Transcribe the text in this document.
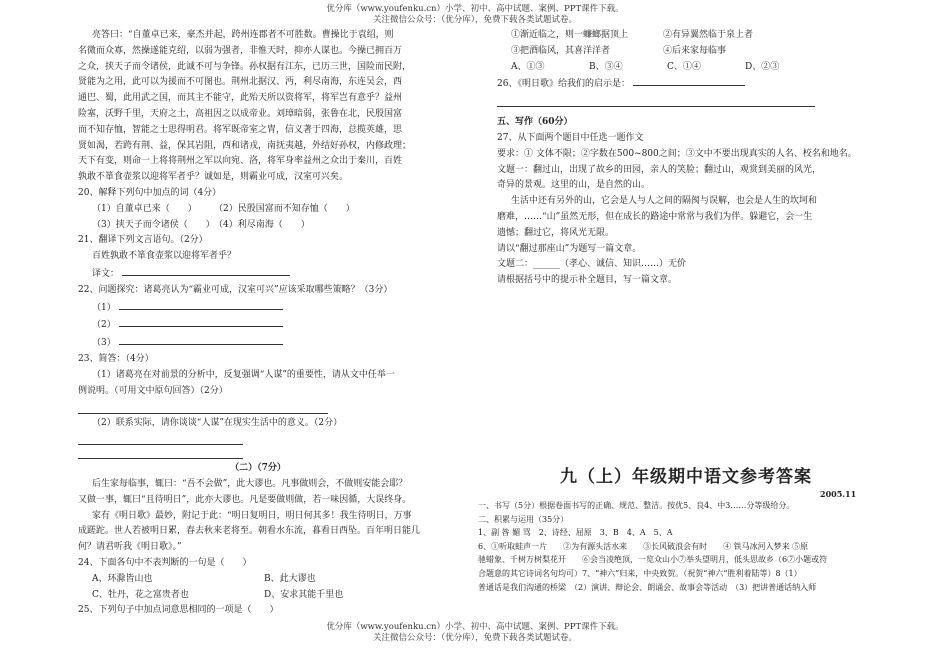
优分库（www.youfenku.cn）小学、初中、高中试题、案例、PPT课件下载。
关注微信公众号：（优分库），免费下载各类试题试卷。
亮答曰：“自董卓已来，豪杰并起，跨州连郡者不可胜数。曹操比于袁绍，则
名微而众寡，然操遂能克绍，以弱为强者，非惟天时，抑亦人谋也。今操已拥百万
之众，挟天子而令诸侯，此诚不可与争锋。孙权据有江东，已历三世，国险而民附，
贤能为之用，此可以为援而不可图也。荆州北据汉、沔，利尽南海，东连吴会，西
通巴、蜀，此用武之国，而其主不能守，此殆天所以资将军，将军岂有意乎？益州
险塞，沃野千里，天府之土，高祖因之以成帝业。刘璋暗弱，张鲁在北，民殷国富
而不知存恤，智能之士思得明君。将军既帝室之胄，信义著于四海，总揽英雄，思
贤如渴，若跨有荆、益，保其岩阻，西和诸戎，南抚夷越，外结好孙权，内修政理；
天下有变，则命一上将将荆州之军以向宛、洛，将军身率益州之众出于秦川，百姓
孰敢不箪食壶浆以迎将军者乎？诚如是，则霸业可成，汉室可兴矣。
20、解释下列句中加点的词（4分）
（1）自董卓已来（　　）	（2）民殷国富而不知存恤（　　）
（3）挟天子而令诸侯（　　） （4）利尽南海（　　）
21、翻译下列文言语句。（2分）
百姓孰敢不箪食壶浆以迎将军者乎？
译文：
22、问题探究：诸葛亮认为“霸业可成，汉室可兴”应该采取哪些策略？（3分）
（1）
（2）
（3）
23、简答：（4分）
（1）诸葛亮在对前景的分析中，反复强调“人谋”的重要性，请从文中任举一
例说明。（可用文中原句回答）（2分）
（2）联系实际，请你谈谈“人谋”在现实生活中的意义。（2分）
（二）（7分）
后生家每临事，辄曰：“吾不会做”，此大谬也。凡事做则会，不做则安能会耶？
又做一事，辄曰“且待明日”，此亦大谬也。凡是要做则做，若一味因循，大误终身。
家有《明日歌》最妙，附记于此：“明日复明日，明日何其多！我生待明日，万事
成蹉跎。世人若被明日累，春去秋来老将至。朝看水东流，暮看日西坠。百年明日能几
何？请君听我《明日歌》。”
24、下面各句中不表判断的一句是（　　）
A、环滁皆山也	B、此大谬也
C、牡丹，花之富贵者也	D、安求其能千里也
25、下列句子中加点词意思相同的一项是（　　）
①渐近临之，则一蠊螂据顶上	②有异翼然临于泉上者
③把酒临风，其喜洋洋者	④后来家每临事
A、①③	B、③④	C、①④	D、②③
26、《明日歌》给我们的启示是：
五、写作（60分）
27、从下面两个题目中任选一题作文
要求：① 文体不限；②字数在500~800之间；③文中不要出现真实的人名、校名和地名。
文题一：翻过山，出现了故乡的田园，亲人的笑脸；翻过山，观赏到美丽的风光，
奇异的景观。这里的山，是自然的山。
生活中还有另外的山，它会是人与人之间的隔阂与误解，也会是人生的坎坷和
磨难，……“山”虽然无形，但在成长的路途中常常与我们为伴。躲避它，会一生
遗憾；翻过它，将风光无限。
请以“翻过那座山”为题写一篇文章。
文题二：______（孝心、诚信、知识……）无价
请根据括号中的提示补全题目，写一篇文章。
九（上）年级期中语文参考答案
2005.11
一、书写（5分）根据卷面书写的正确、规范、整洁。按优5、良4、中3……分等级给分。
二、积累与运用（35分）
1、副 咎 媚 骂　2、诗经、屈原　3、B　4、A　5、A
6、①听取蛙声一片　　②为有源头活水来　　③长风破浪会有时　　④ 铁马冰河入梦来 ⑤原
驰蜡象、千树万树梨花开　　⑥会当凌绝顶，一览众山小⑦举头望明月，低头思故乡（6⑦小题或符
合题意的其它诗词名句均可）7、“神六”归来，中央致贺。（祝贺“神六”胜利着陆等）8（1）
普通话是我们沟通的桥梁　（2）演讲、辩论会、朗诵会、故事会等活动　（3）把讲普通话纳入师
优分库（www.youfenku.cn）小学、初中、高中试题、案例、PPT课件下载。
关注微信公众号：（优分库），免费下载各类试题试卷。
